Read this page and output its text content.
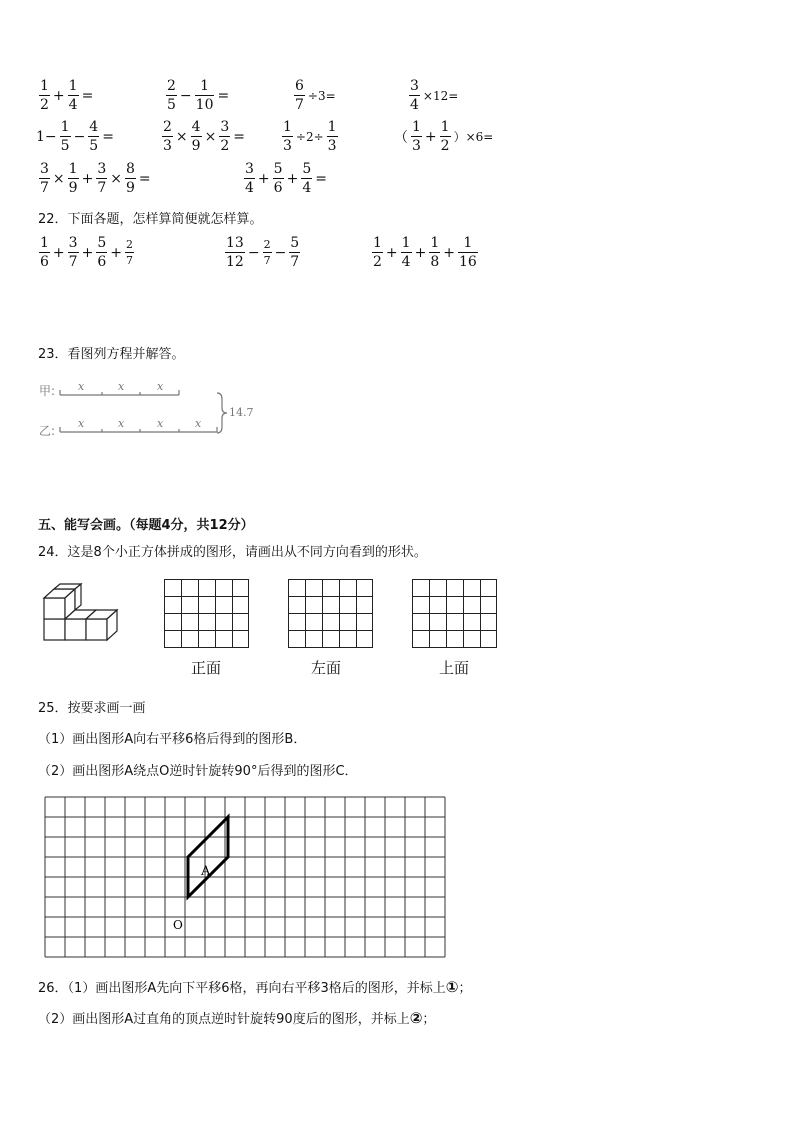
$\frac{1}{2} + \frac{1}{4}$ =	$\frac{2}{5} - \frac{1}{10}$ =	$\frac{6}{7} \div 3=$	$\frac{3}{4} \times 12=$
$1- \frac{1}{5} - \frac{4}{5}$ =	$\frac{2}{3} \times \frac{4}{9} \times \frac{3}{2}$ =	$\frac{1}{3} \div 2\div \frac{1}{3}$	（ $\frac{1}{3} + \frac{1}{2} )\times 6=$
$\frac{3}{7} \times \frac{1}{9} + \frac{3}{7} \times \frac{8}{9}$ =	$\frac{3}{4} + \frac{5}{6} + \frac{5}{4}$ =
22．下面各题，怎样算简便就怎样算。
$\frac{1}{6} + \frac{3}{7} + \frac{5}{6} + \frac{2}{7}$	$\frac{13}{12} - \frac{2}{7} - \frac{5}{7}$	$\frac{1}{2} + \frac{1}{4} + \frac{1}{8} + \frac{1}{16}$
23．看图列方程并解答。
x	x	x
x	x	x	x
甲:
乙:
14.7
五、能写会画。（每题4分，共12分）
24．这是8个小正方体拼成的图形，请画出从不同方向看到的形状。
正面	左面	上面
25．按要求画一画
（1）画出图形A向右平移6格后得到的图形B．
（2）画出图形A绕点O逆时针旋转90°后得到的图形C．
A
O
26．（1）画出图形A先向下平移6格，再向右平移3格后的图形，并标上 ① ；
（2）画出图形A过直角的顶点逆时针旋转90度后的图形，并标上 ② ；
